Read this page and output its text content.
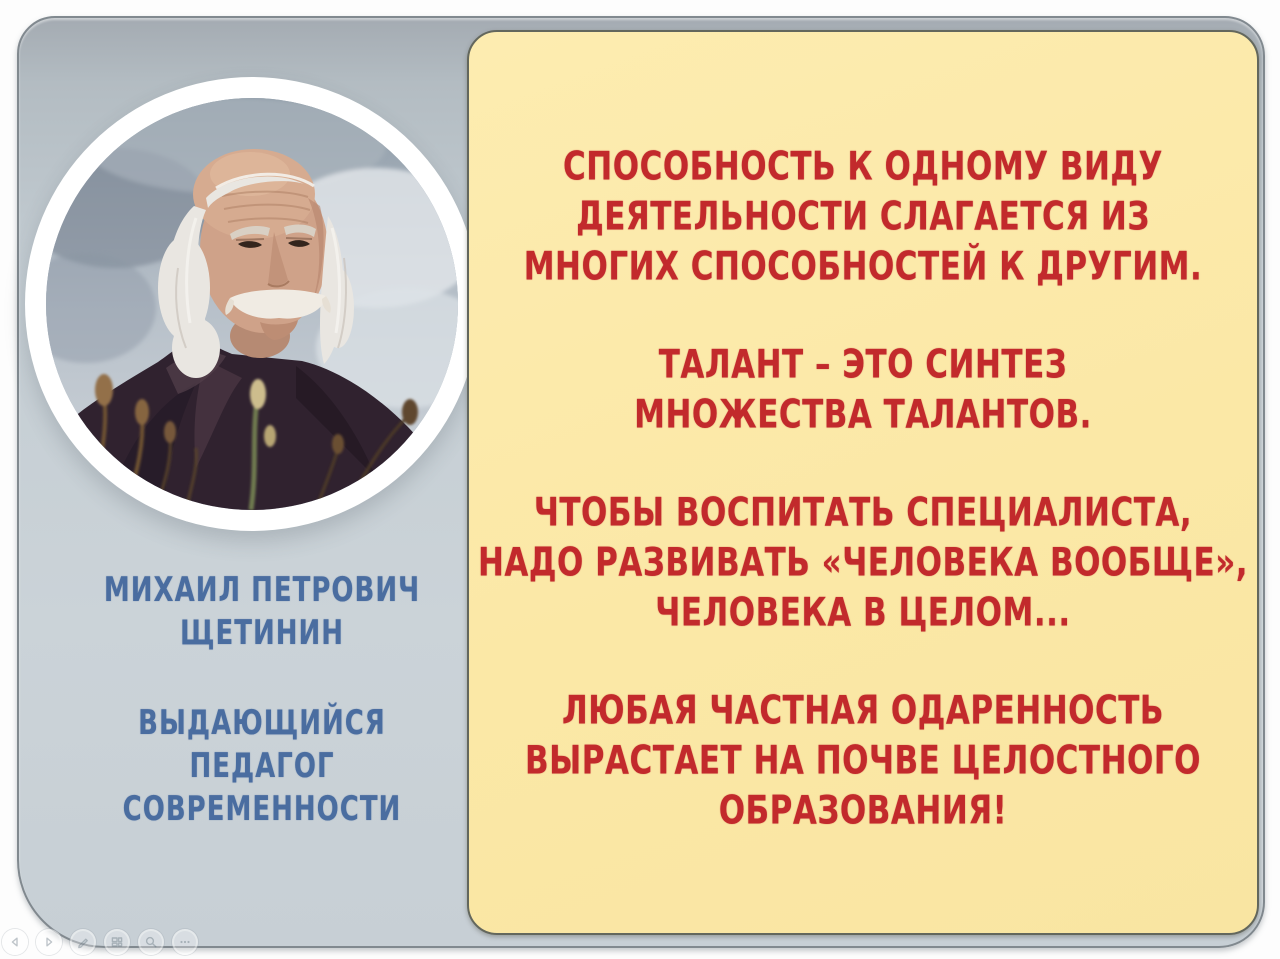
МИХАИЛ ПЕТРОВИЧ
ЩЕТИНИН
ВЫДАЮЩИЙСЯ
ПЕДАГОГ
СОВРЕМЕННОСТИ
СПОСОБНОСТЬ К ОДНОМУ ВИДУ
ДЕЯТЕЛЬНОСТИ СЛАГАЕТСЯ ИЗ
МНОГИХ СПОСОБНОСТЕЙ К ДРУГИМ.
ТАЛАНТ – ЭТО СИНТЕЗ
МНОЖЕСТВА ТАЛАНТОВ.
ЧТОБЫ ВОСПИТАТЬ СПЕЦИАЛИСТА,
НАДО РАЗВИВАТЬ «ЧЕЛОВЕКА ВООБЩЕ»,
ЧЕЛОВЕКА В ЦЕЛОМ...
ЛЮБАЯ ЧАСТНАЯ ОДАРЕННОСТЬ
ВЫРАСТАЕТ НА ПОЧВЕ ЦЕЛОСТНОГО
ОБРАЗОВАНИЯ!
